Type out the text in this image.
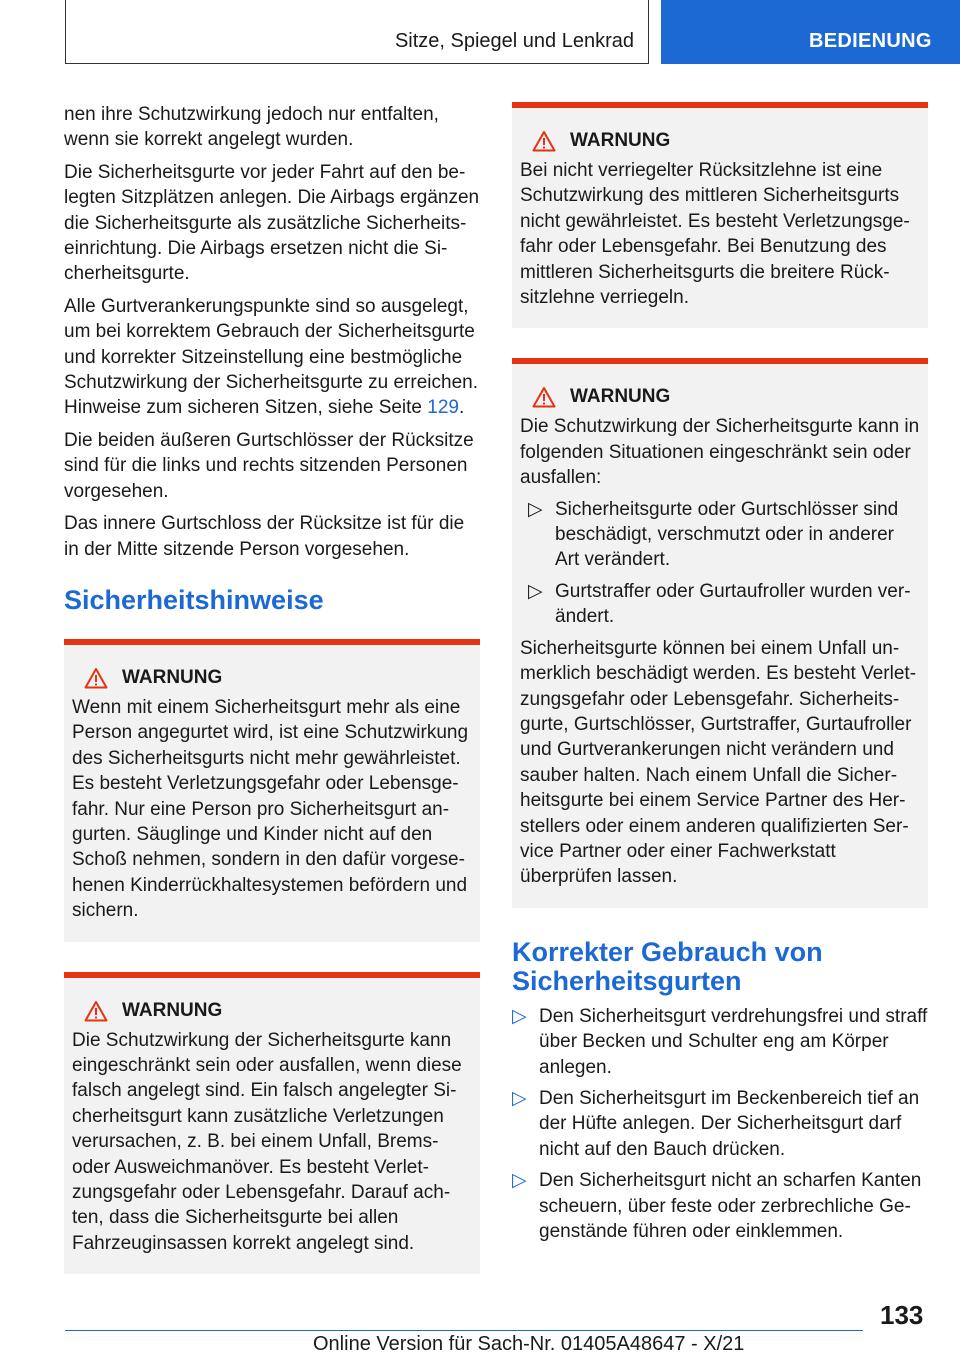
Sitze, Spiegel und Lenkrad	BEDIENUNG

nen ihre Schutzwirkung jedoch nur entfalten, wenn sie korrekt angelegt wurden.

Die Sicherheitsgurte vor jeder Fahrt auf den belegten Sitzplätzen anlegen. Die Airbags ergänzen die Sicherheitsgurte als zusätzliche Sicherheitseinrichtung. Die Airbags ersetzen nicht die Sicherheitsgurte.

Alle Gurtverankerungspunkte sind so ausgelegt, um bei korrektem Gebrauch der Sicherheitsgurte und korrekter Sitzeinstellung eine bestmögliche Schutzwirkung der Sicherheitsgurte zu erreichen. Hinweise zum sicheren Sitzen, siehe Seite 129.

Die beiden äußeren Gurtschlösser der Rücksitze sind für die links und rechts sitzenden Personen vorgesehen.

Das innere Gurtschloss der Rücksitze ist für die in der Mitte sitzende Person vorgesehen.

Sicherheitshinweise
WARNUNG

Wenn mit einem Sicherheitsgurt mehr als eine Person angegurtet wird, ist eine Schutzwirkung des Sicherheitsgurts nicht mehr gewährleistet. Es besteht Verletzungsgefahr oder Lebensgefahr. Nur eine Person pro Sicherheitsgurt angurten. Säuglinge und Kinder nicht auf den Schoß nehmen, sondern in den dafür vorgesehenen Kinderrückhaltesystemen befördern und sichern.

WARNUNG

Die Schutzwirkung der Sicherheitsgurte kann eingeschränkt sein oder ausfallen, wenn diese falsch angelegt sind. Ein falsch angelegter Sicherheitsgurt kann zusätzliche Verletzungen verursachen, z. B. bei einem Unfall, Brems- oder Ausweichmanöver. Es besteht Verletzungsgefahr oder Lebensgefahr. Darauf achten, dass die Sicherheitsgurte bei allen Fahrzeuginsassen korrekt angelegt sind.

WARNUNG

Bei nicht verriegelter Rücksitzlehne ist eine Schutzwirkung des mittleren Sicherheitsgurts nicht gewährleistet. Es besteht Verletzungsgefahr oder Lebensgefahr. Bei Benutzung des mittleren Sicherheitsgurts die breitere Rücksitzlehne verriegeln.

WARNUNG

Die Schutzwirkung der Sicherheitsgurte kann in folgenden Situationen eingeschränkt sein oder ausfallen:

▷ Sicherheitsgurte oder Gurtschlösser sind beschädigt, verschmutzt oder in anderer Art verändert.
▷ Gurtstraffer oder Gurtaufroller wurden verändert.

Sicherheitsgurte können bei einem Unfall unmerklich beschädigt werden. Es besteht Verletzungsgefahr oder Lebensgefahr. Sicherheitsgurte, Gurtschlösser, Gurtstraffer, Gurtaufroller und Gurtverankerungen nicht verändern und sauber halten. Nach einem Unfall die Sicherheitsgurte bei einem Service Partner des Herstellers oder einem anderen qualifizierten Service Partner oder einer Fachwerkstatt überprüfen lassen.

Korrekter Gebrauch von Sicherheitsgurten
▷ Den Sicherheitsgurt verdrehungsfrei und straff über Becken und Schulter eng am Körper anlegen.
▷ Den Sicherheitsgurt im Beckenbereich tief an der Hüfte anlegen. Der Sicherheitsgurt darf nicht auf den Bauch drücken.
▷ Den Sicherheitsgurt nicht an scharfen Kanten scheuern, über feste oder zerbrechliche Gegenstände führen oder einklemmen.
133
Online Version für Sach-Nr. 01405A48647 - X/21
